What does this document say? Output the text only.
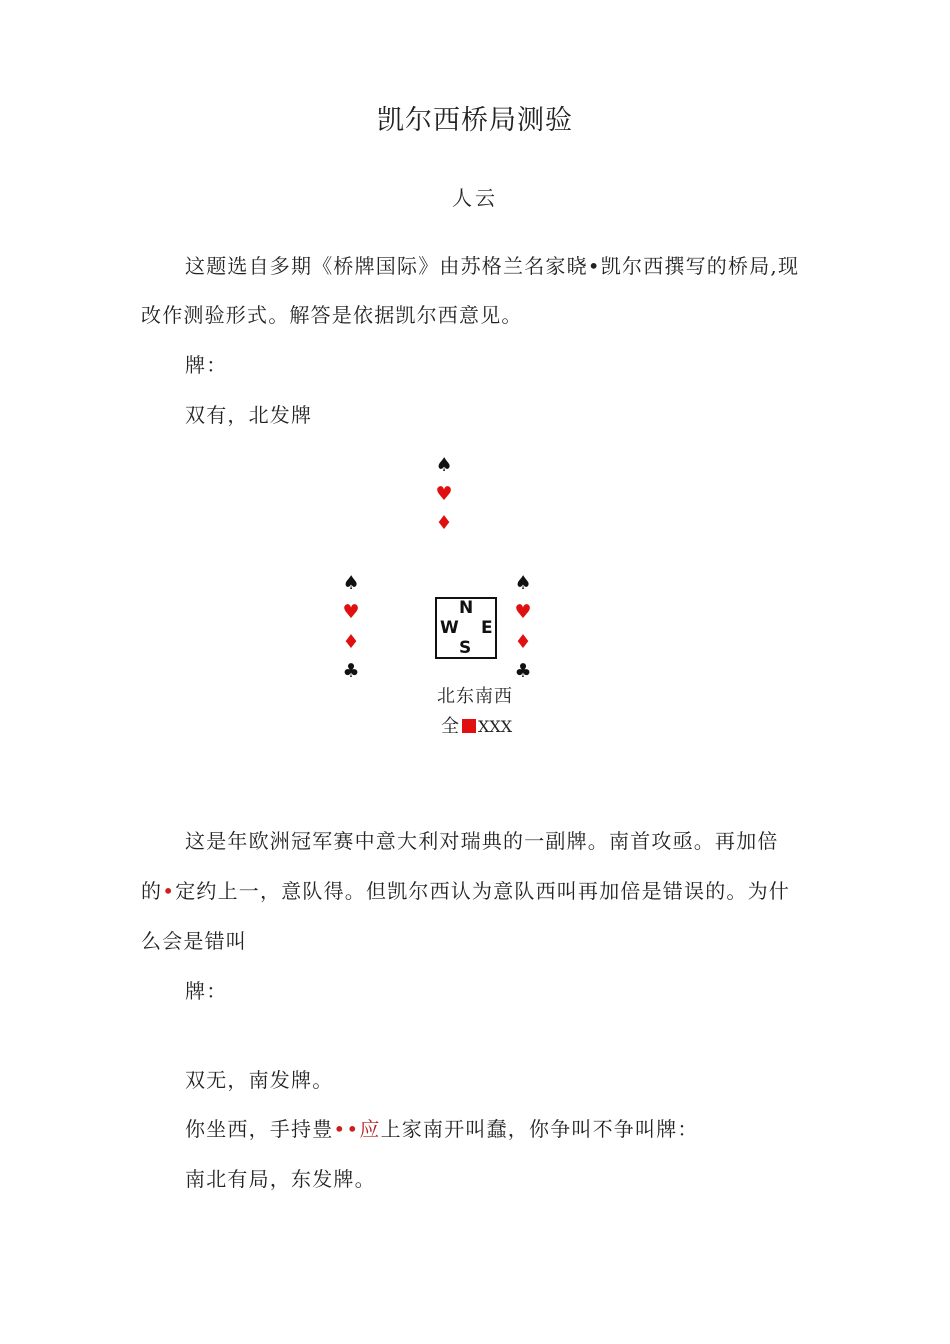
凯尔西桥局测验
人云
这题选自多期《桥牌国际》由苏格兰名家晓•凯尔西撰写的桥局,现
改作测验形式。解答是依据凯尔西意见。
牌：
双有，北发牌
♠
♥
♦
♠
♥
♦
♣
♠
♥
♦
♣
N
W E
S
北东南西
全 XXX
这是年欧洲冠军赛中意大利对瑞典的一副牌。南首攻亟。再加倍
的•定约上一，意队得。但凯尔西认为意队西叫再加倍是错误的。为什
么会是错叫
牌：
双无，南发牌。
你坐西，手持豊••应上家南开叫蠢，你争叫不争叫牌：
南北有局，东发牌。
